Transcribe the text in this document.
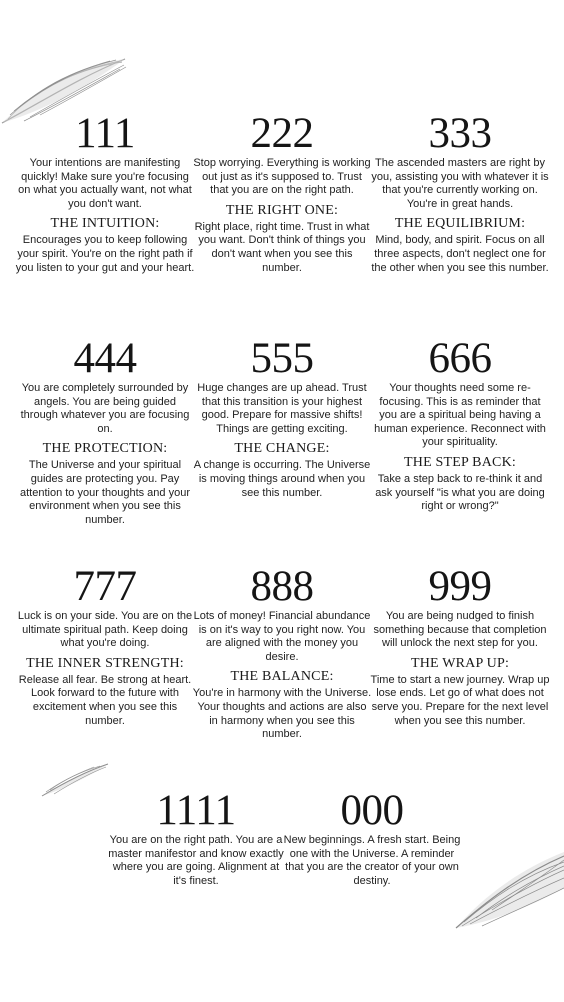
111

Your intentions are manifesting quickly! Make sure you're focusing on what you actually want, not what you don't want.

THE INTUITION:

Encourages you to keep following your spirit. You're on the right path if you listen to your gut and your heart.

222

Stop worrying. Everything is working out just as it's supposed to. Trust that you are on the right path.

THE RIGHT ONE:

Right place, right time. Trust in what you want. Don't think of things you don't want when you see this number.

333

The ascended masters are right by you, assisting you with whatever it is that you're currently working on. You're in great hands.

THE EQUILIBRIUM:

Mind, body, and spirit. Focus on all three aspects, don't neglect one for the other when you see this number.

444

You are completely surrounded by angels. You are being guided through whatever you are focusing on.

THE PROTECTION:

The Universe and your spiritual guides are protecting you. Pay attention to your thoughts and your environment when you see this number.

555

Huge changes are up ahead. Trust that this transition is your highest good. Prepare for massive shifts! Things are getting exciting.

THE CHANGE:

A change is occurring. The Universe is moving things around when you see this number.

666

Your thoughts need some re-focusing. This is as reminder that you are a spiritual being having a human experience. Reconnect with your spirituality.

THE STEP BACK:

Take a step back to re-think it and ask yourself "is what you are doing right or wrong?"

777

Luck is on your side. You are on the ultimate spiritual path. Keep doing what you're doing.

THE INNER STRENGTH:

Release all fear. Be strong at heart. Look forward to the future with excitement when you see this number.

888

Lots of money! Financial abundance is on it's way to you right now. You are aligned with the money you desire.

THE BALANCE:

You're in harmony with the Universe. Your thoughts and actions are also in harmony when you see this number.

999

You are being nudged to finish something because that completion will unlock the next step for you.

THE WRAP UP:

Time to start a new journey. Wrap up lose ends. Let go of what does not serve you. Prepare for the next level when you see this number.

1111

You are on the right path. You are a master manifestor and know exactly where you are going. Alignment at it's finest.

000

New beginnings. A fresh start. Being one with the Universe. A reminder that you are the creator of your own destiny.
